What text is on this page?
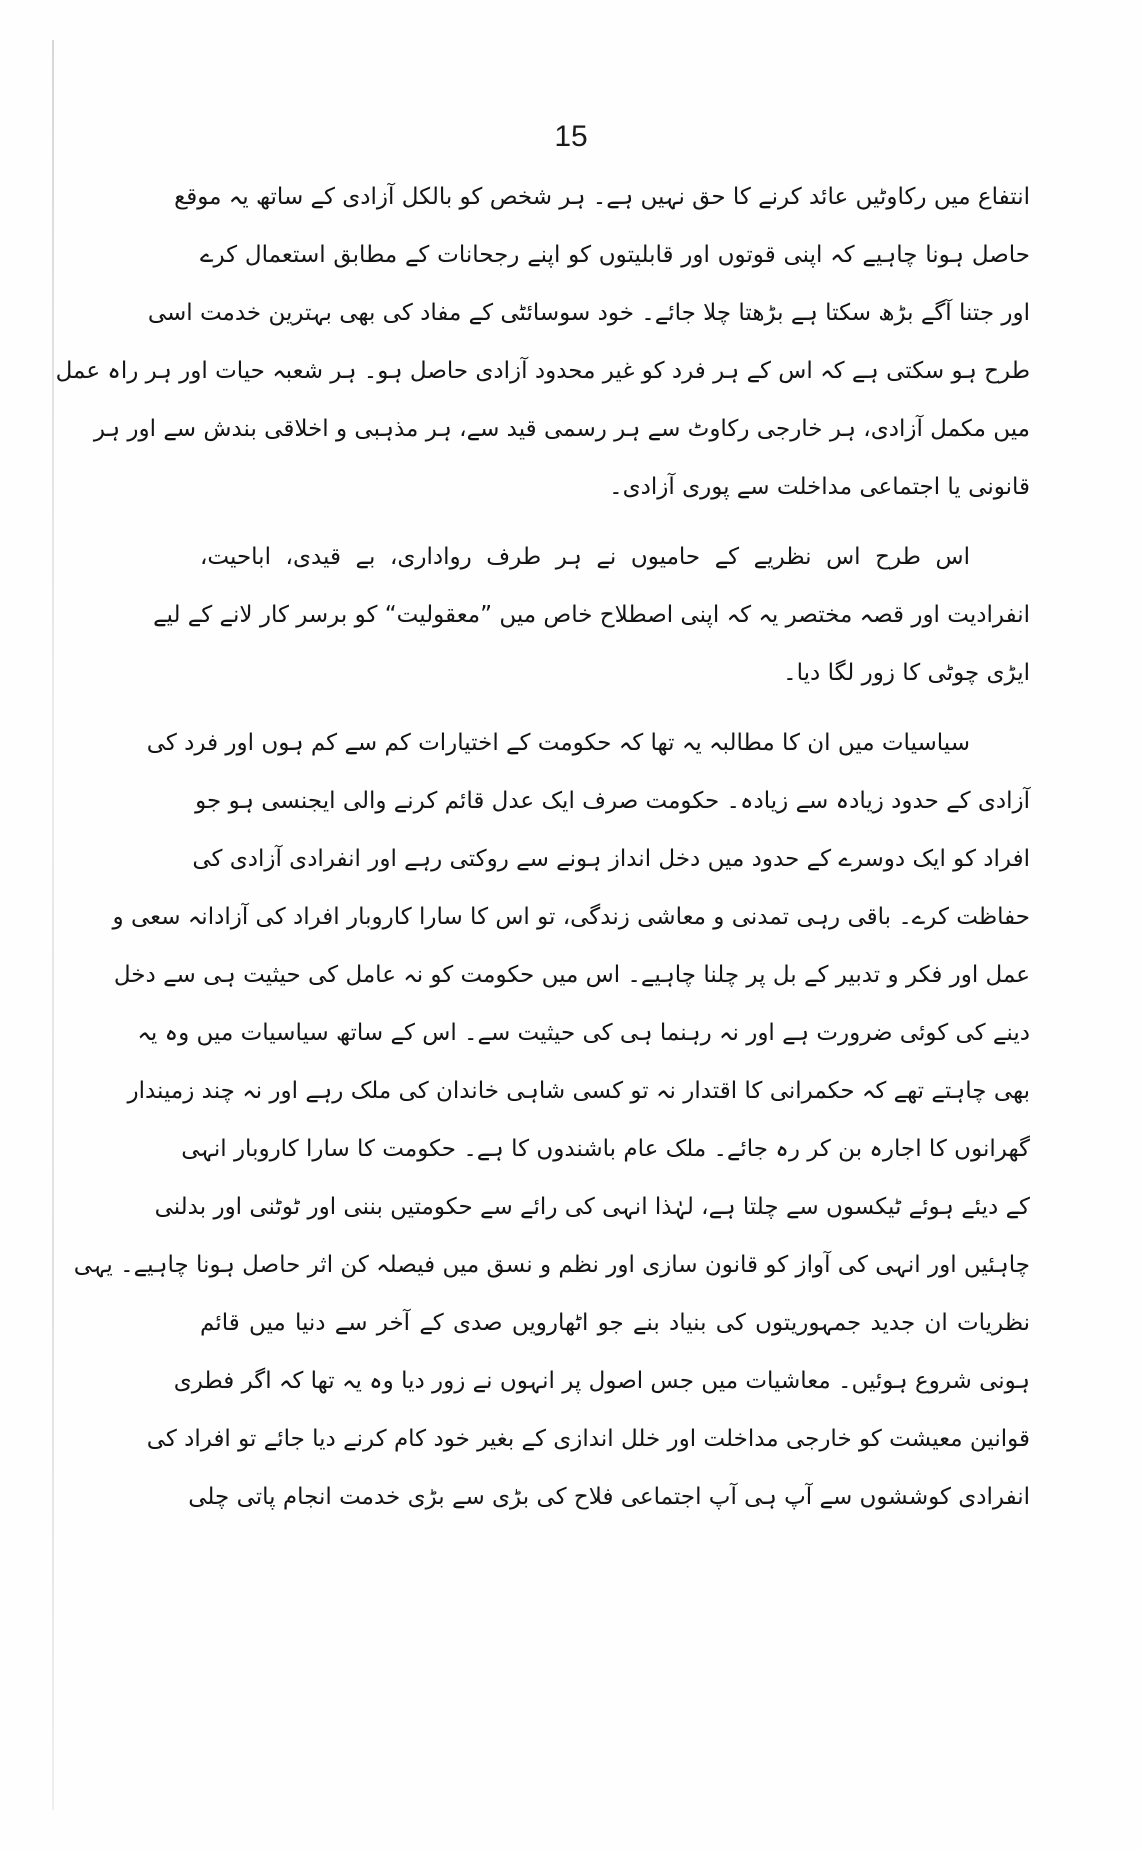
15
انتفاع میں رکاوٹیں عائد کرنے کا حق نہیں ہے۔ ہر شخص کو بالکل آزادی کے ساتھ یہ موقع
حاصل ہونا چاہیے کہ اپنی قوتوں اور قابلیتوں کو اپنے رجحانات کے مطابق استعمال کرے
اور جتنا آگے بڑھ سکتا ہے بڑھتا چلا جائے۔ خود سوسائٹی کے مفاد کی بھی بہترین خدمت اسی
طرح ہو سکتی ہے کہ اس کے ہر فرد کو غیر محدود آزادی حاصل ہو۔ ہر شعبہ حیات اور ہر راہ عمل
میں مکمل آزادی، ہر خارجی رکاوٹ سے ہر رسمی قید سے، ہر مذہبی و اخلاقی بندش سے اور ہر
قانونی یا اجتماعی مداخلت سے پوری آزادی۔
اس طرح اس نظریے کے حامیوں نے ہر طرف رواداری، بے قیدی، اباحیت،
انفرادیت اور قصہ مختصر یہ کہ اپنی اصطلاح خاص میں ”معقولیت“ کو برسر کار لانے کے لیے
ایڑی چوٹی کا زور لگا دیا۔
سیاسیات میں ان کا مطالبہ یہ تھا کہ حکومت کے اختیارات کم سے کم ہوں اور فرد کی
آزادی کے حدود زیادہ سے زیادہ۔ حکومت صرف ایک عدل قائم کرنے والی ایجنسی ہو جو
افراد کو ایک دوسرے کے حدود میں دخل انداز ہونے سے روکتی رہے اور انفرادی آزادی کی
حفاظت کرے۔ باقی رہی تمدنی و معاشی زندگی، تو اس کا سارا کاروبار افراد کی آزادانہ سعی و
عمل اور فکر و تدبیر کے بل پر چلنا چاہیے۔ اس میں حکومت کو نہ عامل کی حیثیت ہی سے دخل
دینے کی کوئی ضرورت ہے اور نہ رہنما ہی کی حیثیت سے۔ اس کے ساتھ سیاسیات میں وہ یہ
بھی چاہتے تھے کہ حکمرانی کا اقتدار نہ تو کسی شاہی خاندان کی ملک رہے اور نہ چند زمیندار
گھرانوں کا اجارہ بن کر رہ جائے۔ ملک عام باشندوں کا ہے۔ حکومت کا سارا کاروبار انہی
کے دیئے ہوئے ٹیکسوں سے چلتا ہے، لہٰذا انہی کی رائے سے حکومتیں بننی اور ٹوٹنی اور بدلنی
چاہئیں اور انہی کی آواز کو قانون سازی اور نظم و نسق میں فیصلہ کن اثر حاصل ہونا چاہیے۔ یہی
نظریات ان جدید جمہوریتوں کی بنیاد بنے جو اٹھارویں صدی کے آخر سے دنیا میں قائم
ہونی شروع ہوئیں۔ معاشیات میں جس اصول پر انہوں نے زور دیا وہ یہ تھا کہ اگر فطری
قوانین معیشت کو خارجی مداخلت اور خلل اندازی کے بغیر خود کام کرنے دیا جائے تو افراد کی
انفرادی کوششوں سے آپ ہی آپ اجتماعی فلاح کی بڑی سے بڑی خدمت انجام پاتی چلی
